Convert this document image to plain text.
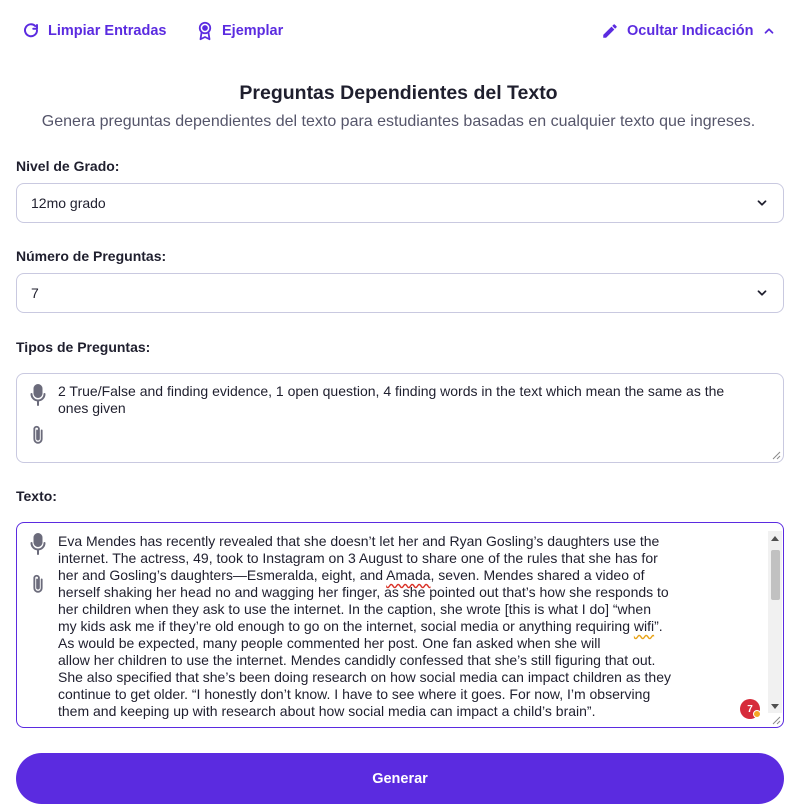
Limpiar Entradas	Ejemplar	Ocultar Indicación
Preguntas Dependientes del Texto
Genera preguntas dependientes del texto para estudiantes basadas en cualquier texto que ingreses.
Nivel de Grado:
12mo grado
Número de Preguntas:
7
Tipos de Preguntas:
2 True/False and finding evidence, 1 open question, 4 finding words in the text which mean the same as the
ones given
Texto:
Eva Mendes has recently revealed that she doesn’t let her and Ryan Gosling’s daughters use the
internet. The actress, 49, took to Instagram on 3 August to share one of the rules that she has for
her and Gosling’s daughters—Esmeralda, eight, and Amada, seven. Mendes shared a video of
herself shaking her head no and wagging her finger, as she pointed out that’s how she responds to
her children when they ask to use the internet. In the caption, she wrote [this is what I do] “when
my kids ask me if they’re old enough to go on the internet, social media or anything requiring wifi”.
As would be expected, many people commented her post. One fan asked when she will
allow her children to use the internet. Mendes candidly confessed that she’s still figuring that out.
She also specified that she’s been doing research on how social media can impact children as they
continue to get older. “I honestly don’t know. I have to see where it goes. For now, I’m observing
them and keeping up with research about how social media can impact a child’s brain”.	7
Generar
